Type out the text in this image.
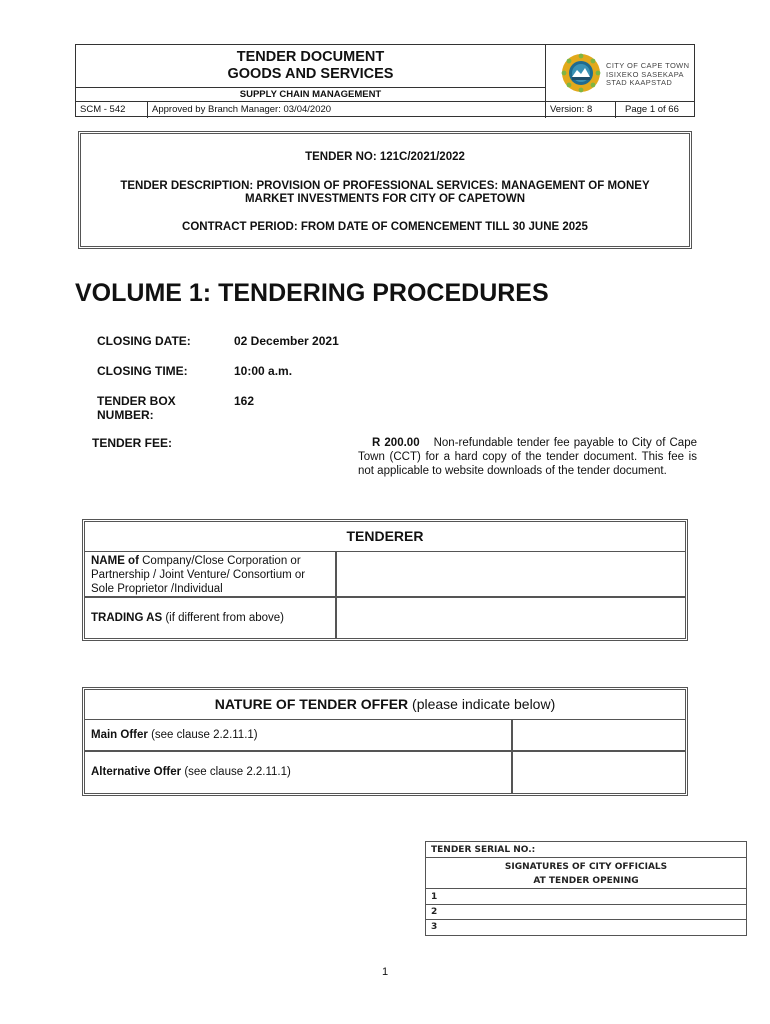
TENDER DOCUMENT
GOODS AND SERVICES
SUPPLY CHAIN MANAGEMENT
CITY OF CAPE TOWN
ISIXEKO SASEKAPA
STAD KAAPSTAD
SCM - 542	Approved by Branch Manager: 03/04/2020	Version: 8	Page 1 of 66
TENDER NO: 121C/2021/2022
TENDER DESCRIPTION: PROVISION OF PROFESSIONAL SERVICES: MANAGEMENT OF MONEY
MARKET INVESTMENTS FOR CITY OF CAPETOWN
CONTRACT PERIOD: FROM DATE OF COMENCEMENT TILL 30 JUNE 2025
VOLUME 1: TENDERING PROCEDURES
CLOSING DATE:	02 December 2021
CLOSING TIME:	10:00 a.m.
TENDER BOX
NUMBER:
162
TENDER FEE:	R 200.00 Non-refundable tender fee payable to City of Cape Town (CCT) for a hard copy of the tender document. This fee is not applicable to website downloads of the tender document.
TENDERER
NAME of Company/Close Corporation or Partnership / Joint Venture/ Consortium or Sole Proprietor /Individual
TRADING AS (if different from above)
NATURE OF TENDER OFFER (please indicate below)
Main Offer (see clause 2.2.11.1)
Alternative Offer (see clause 2.2.11.1)
TENDER SERIAL NO.:
SIGNATURES OF CITY OFFICIALS
AT TENDER OPENING
1
2
3
1
